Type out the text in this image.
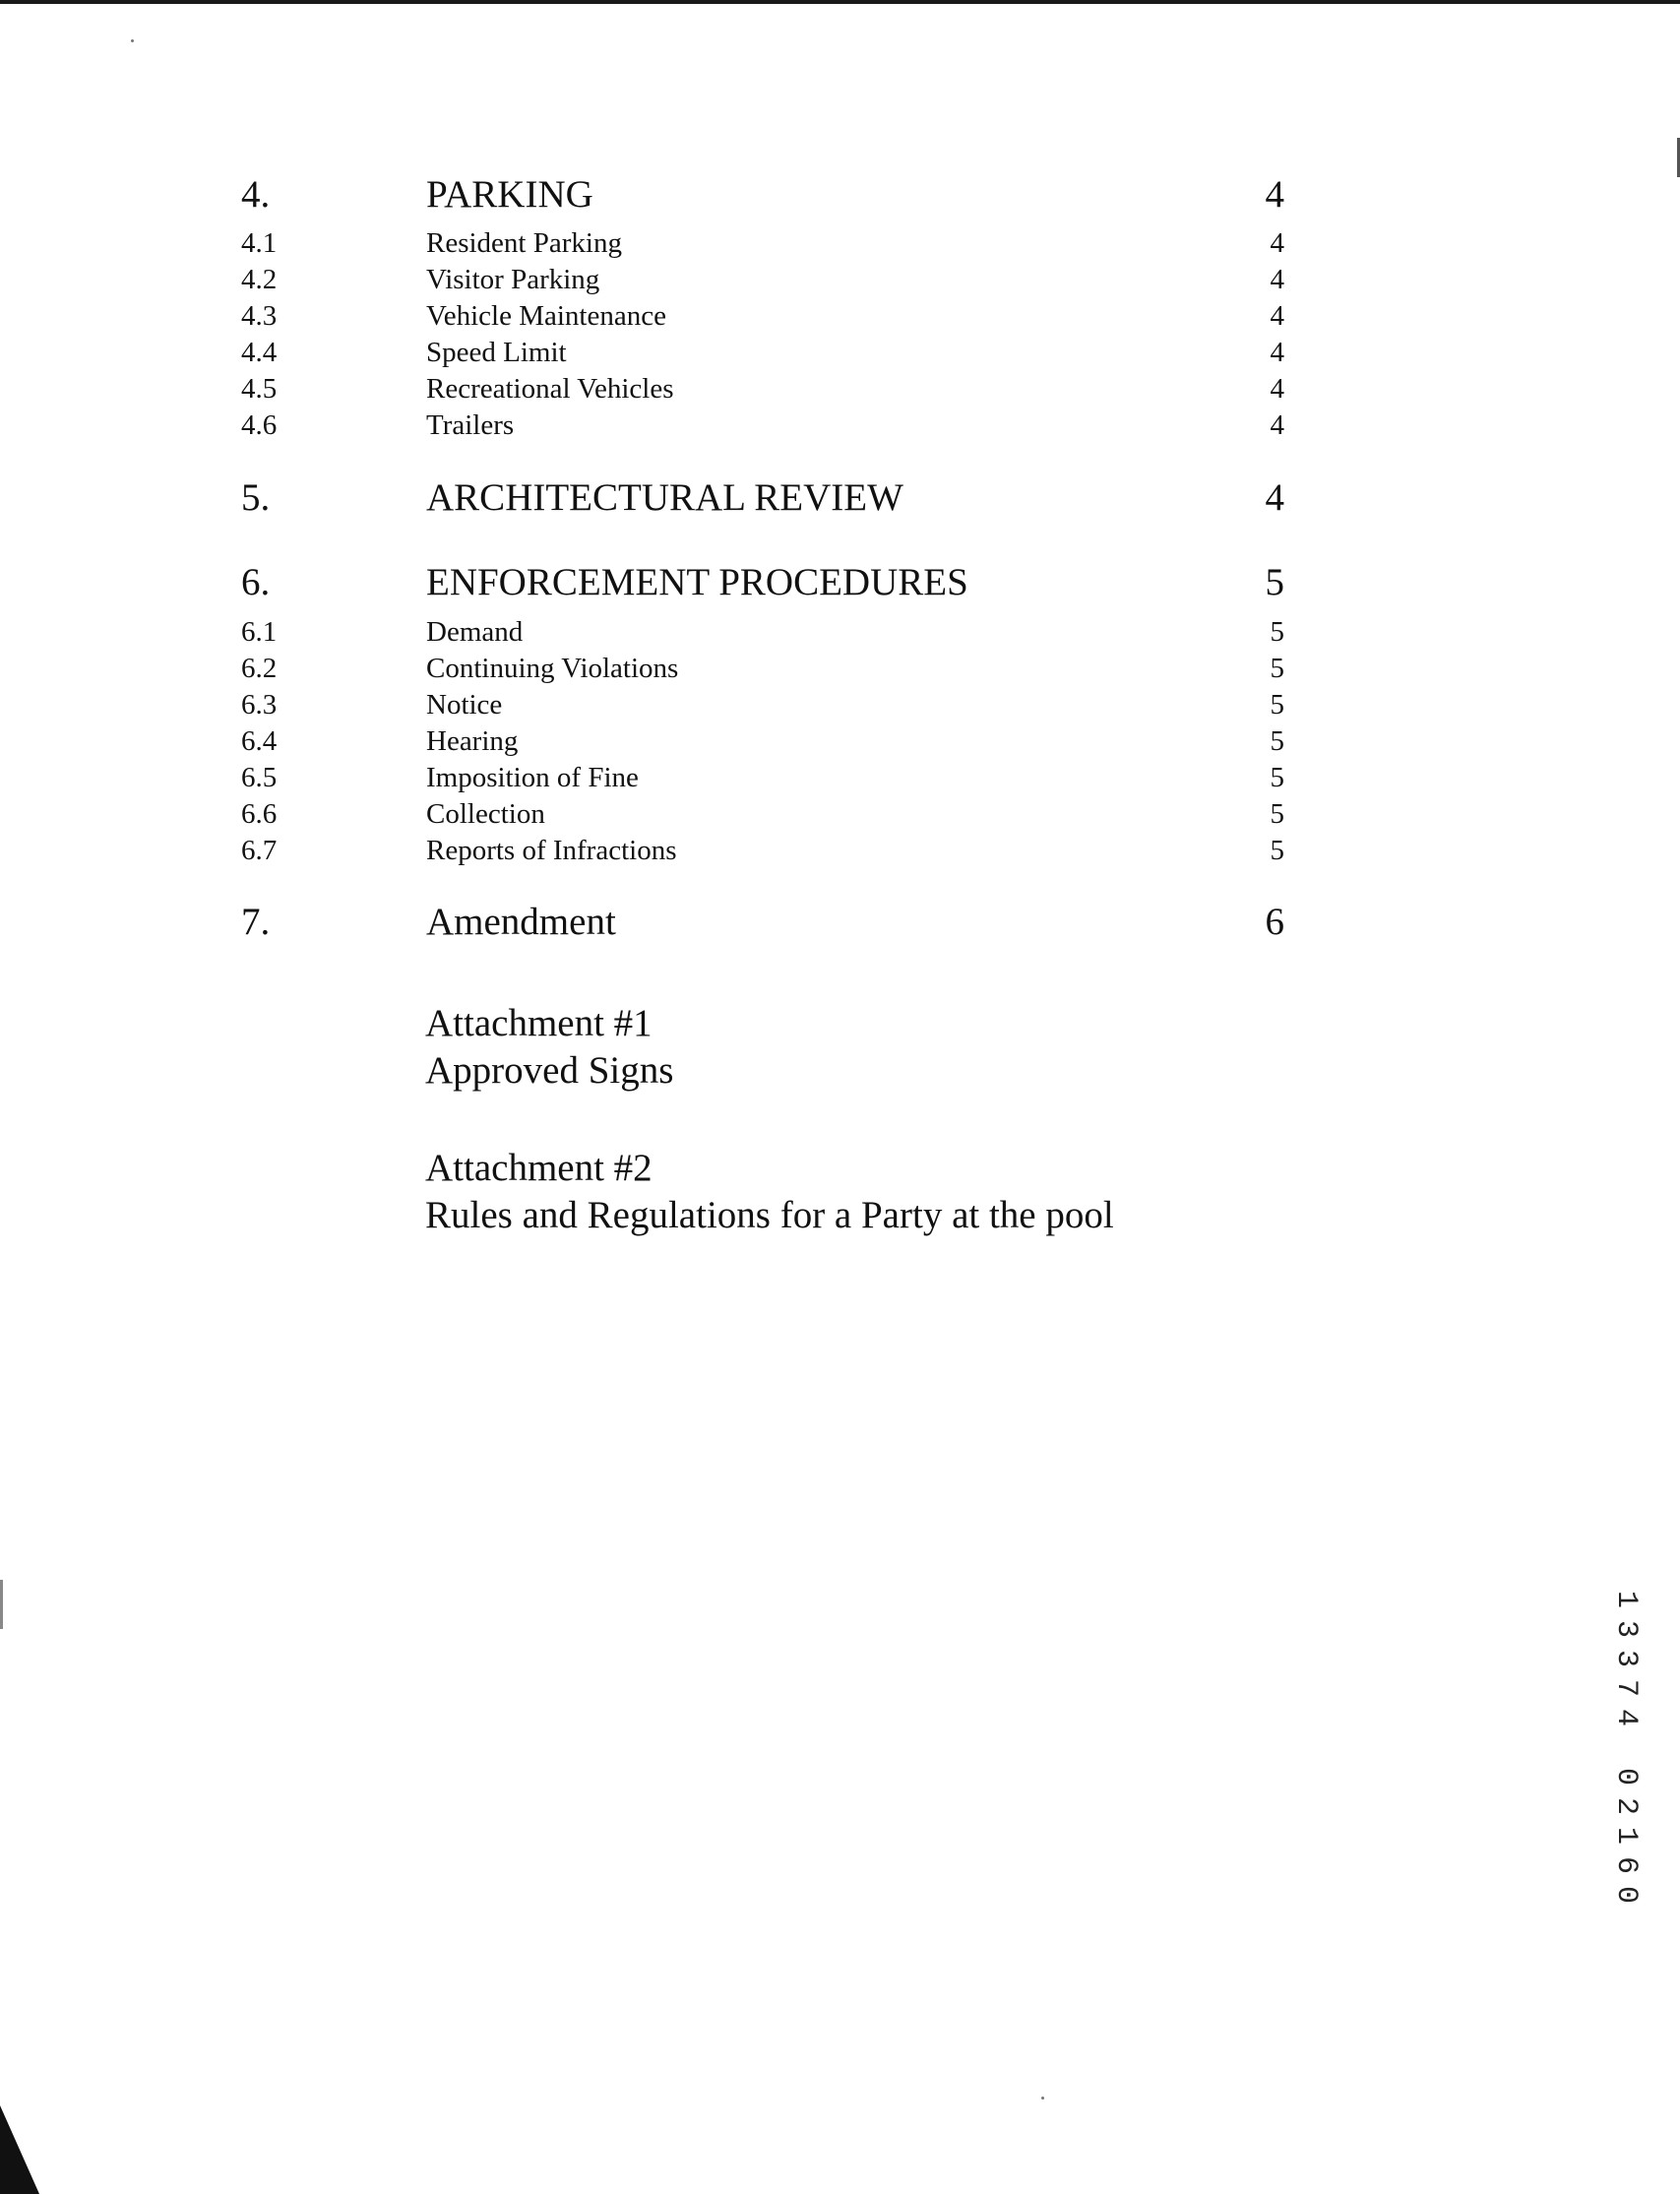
4.	PARKING	4
4.1	Resident Parking	4
4.2	Visitor Parking	4
4.3	Vehicle Maintenance	4
4.4	Speed Limit	4
4.5	Recreational Vehicles	4
4.6	Trailers	4
5.	ARCHITECTURAL REVIEW	4
6.	ENFORCEMENT PROCEDURES	5
6.1	Demand	5
6.2	Continuing Violations	5
6.3	Notice	5
6.4	Hearing	5
6.5	Imposition of Fine	5
6.6	Collection	5
6.7	Reports of Infractions	5
7.	Amendment	6
Attachment #1
Approved Signs
Attachment #2
Rules and Regulations for a Party at the pool
1
3
3
7
4
0
2
1
6
0
